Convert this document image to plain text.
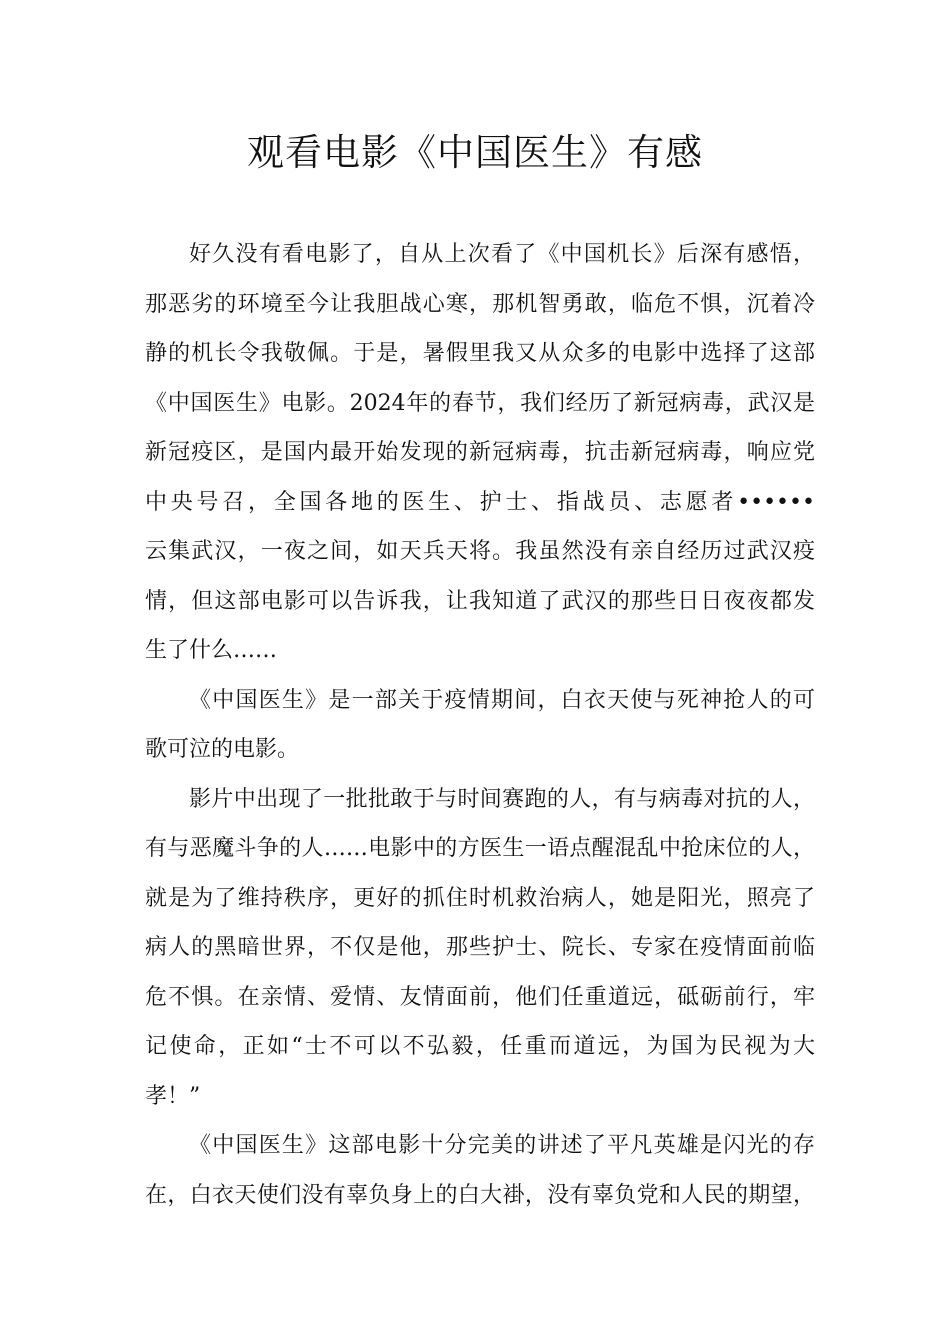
观看电影《中国医生》有感
好久没有看电影了，自从上次看了《中国机长》后深有感悟，
那恶劣的环境至今让我胆战心寒，那机智勇敢，临危不惧，沉着冷
静的机长令我敬佩。于是，暑假里我又从众多的电影中选择了这部
《中国医生》电影。2024年的春节，我们经历了新冠病毒，武汉是
新冠疫区，是国内最开始发现的新冠病毒，抗击新冠病毒，响应党
中央号召，全国各地的医生、护士、指战员、志愿者••••••
云集武汉，一夜之间，如天兵天将。我虽然没有亲自经历过武汉疫
情，但这部电影可以告诉我，让我知道了武汉的那些日日夜夜都发
生了什么……
《中国医生》是一部关于疫情期间，白衣天使与死神抢人的可
歌可泣的电影。
影片中出现了一批批敢于与时间赛跑的人，有与病毒对抗的人，
有与恶魔斗争的人……电影中的方医生一语点醒混乱中抢床位的人，
就是为了维持秩序，更好的抓住时机救治病人，她是阳光，照亮了
病人的黑暗世界，不仅是他，那些护士、院长、专家在疫情面前临
危不惧。在亲情、爱情、友情面前，他们任重道远，砥砺前行，牢
记使命，正如“士不可以不弘毅，任重而道远，为国为民视为大
孝！”
《中国医生》这部电影十分完美的讲述了平凡英雄是闪光的存
在，白衣天使们没有辜负身上的白大褂，没有辜负党和人民的期望，
